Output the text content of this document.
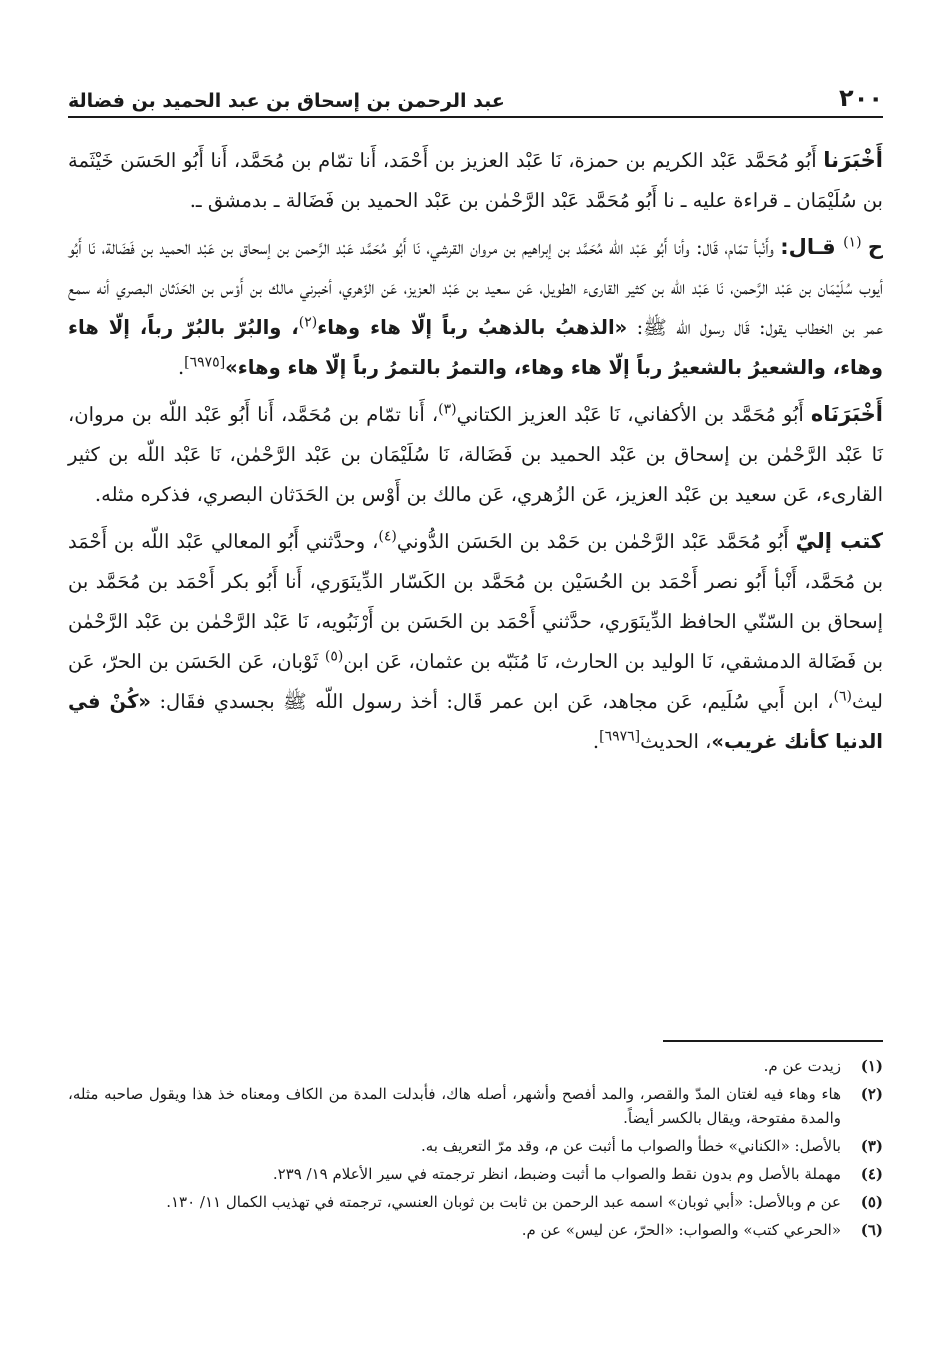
٢٠٠
عبد الرحمن بن إسحاق بن عبد الحميد بن فضالة

أَخْبَرَنا أَبُو مُحَمَّد عَبْد الكريم بن حمزة، نَا عَبْد العزيز بن أَحْمَد، أَنا تمّام بن مُحَمَّد، أَنا أَبُو الحَسَن خَيْثَمة بن سُلَيْمَان ـ قراءة عليه ـ نا أَبُو مُحَمَّد عَبْد الرَّحْمٰن بن عَبْد الحميد بن فَضَالة ـ بدمشق ـ.

ح $^{(١)}$ قـال: وأَنْبأ تمّام، قَال: وأنا أَبُو عَبْد اللّه مُحَمَّد بن إبراهيم بن مروان القرشي، نَا أَبُو مُحَمَّد عَبْد الرَّحمن بن إسحاق بن عَبْد الحميد بن فَضَالة، نَا أَبُو أيوب سُلَيْمَان بن عَبْد الرَّحمن، نَا عَبْد اللّه بن كثير القارىء الطويل، عَن سعيد بن عَبْد العزيز، عَن الزّهري، أخبرني مالك بن أَوْس بن الحَدَثان البصري أنه سمع عمر بن الخطاب يقول: قَال رسول اللّه ﷺ: «الذهبُ بالذهبُ رباً إلّا هاء وهاء$^{(٢)}$، والبُرّ بالبُرّ رباً، إلّا هاء وهاء، والشعيرُ بالشعيرُ رباً إلّا هاء وهاء، والتمرُ بالتمرُ رباً إلّا هاء وهاء»[٦٩٧٥].

أَخْبَرَنَاه أَبُو مُحَمَّد بن الأكفاني، نَا عَبْد العزيز الكتاني$^{(٣)}$، أَنا تمّام بن مُحَمَّد، أَنا أَبُو عَبْد اللّه بن مروان، نَا عَبْد الرَّحْمٰن بن إسحاق بن عَبْد الحميد بن فَضَالة، نَا سُلَيْمَان بن عَبْد الرَّحْمٰن، نَا عَبْد اللّه بن كثير القارىء، عَن سعيد بن عَبْد العزيز، عَن الزُهري، عَن مالك بن أَوْس بن الحَدَثان البصري، فذكره مثله.

كتب إليّ أَبُو مُحَمَّد عَبْد الرَّحْمٰن بن حَمْد بن الحَسَن الدُّوني$^{(٤)}$، وحدَّثني أَبُو المعالي عَبْد اللّه بن أَحْمَد بن مُحَمَّد، أَنْبأ أَبُو نصر أَحْمَد بن الحُسَيْن بن مُحَمَّد بن الكَسّار الدِّينَوَري، أَنا أَبُو بكر أَحْمَد بن مُحَمَّد بن إسحاق بن السّنّي الحافظ الدِّينَوَري، حدَّثني أَحْمَد بن الحَسَن بن أَرْنَبُويه، نَا عَبْد الرَّحْمٰن بن عَبْد الرَّحْمٰن بن فَضَالة الدمشقي، نَا الوليد بن الحارث، نَا مُنَبّه بن عثمان، عَن ابن$^{(٥)}$ ثَوْبان، عَن الحَسَن بن الحرّ، عَن ليث$^{(٦)}$، ابن أَبي سُلَيم، عَن مجاهد، عَن ابن عمر قَال: أخذ رسول اللّه ﷺ بجسدي فقَال: «كُنْ في الدنيا كأنك غريب»، الحديث[٦٩٧٦].

(١)
زيدت عن م.
(٢)
هاء وهاء فيه لغتان المدّ والقصر، والمد أفصح وأشهر، أصله هاك، فأبدلت المدة من الكاف ومعناه خذ هذا ويقول صاحبه مثله، والمدة مفتوحة، ويقال بالكسر أيضاً.
(٣)
بالأصل: «الكناني» خطأ والصواب ما أثبت عن م، وقد مرّ التعريف به.
(٤)
مهملة بالأصل وم بدون نقط والصواب ما أثبت وضبط، انظر ترجمته في سير الأعلام ١٩/ ٢٣٩.
(٥)
عن م وبالأصل: «أبي ثوبان» اسمه عبد الرحمن بن ثابت بن ثوبان العنسي، ترجمته في تهذيب الكمال ١١/ ١٣٠.
(٦)
«الحرعي كتب» والصواب: «الحرّ، عن ليس» عن م.
